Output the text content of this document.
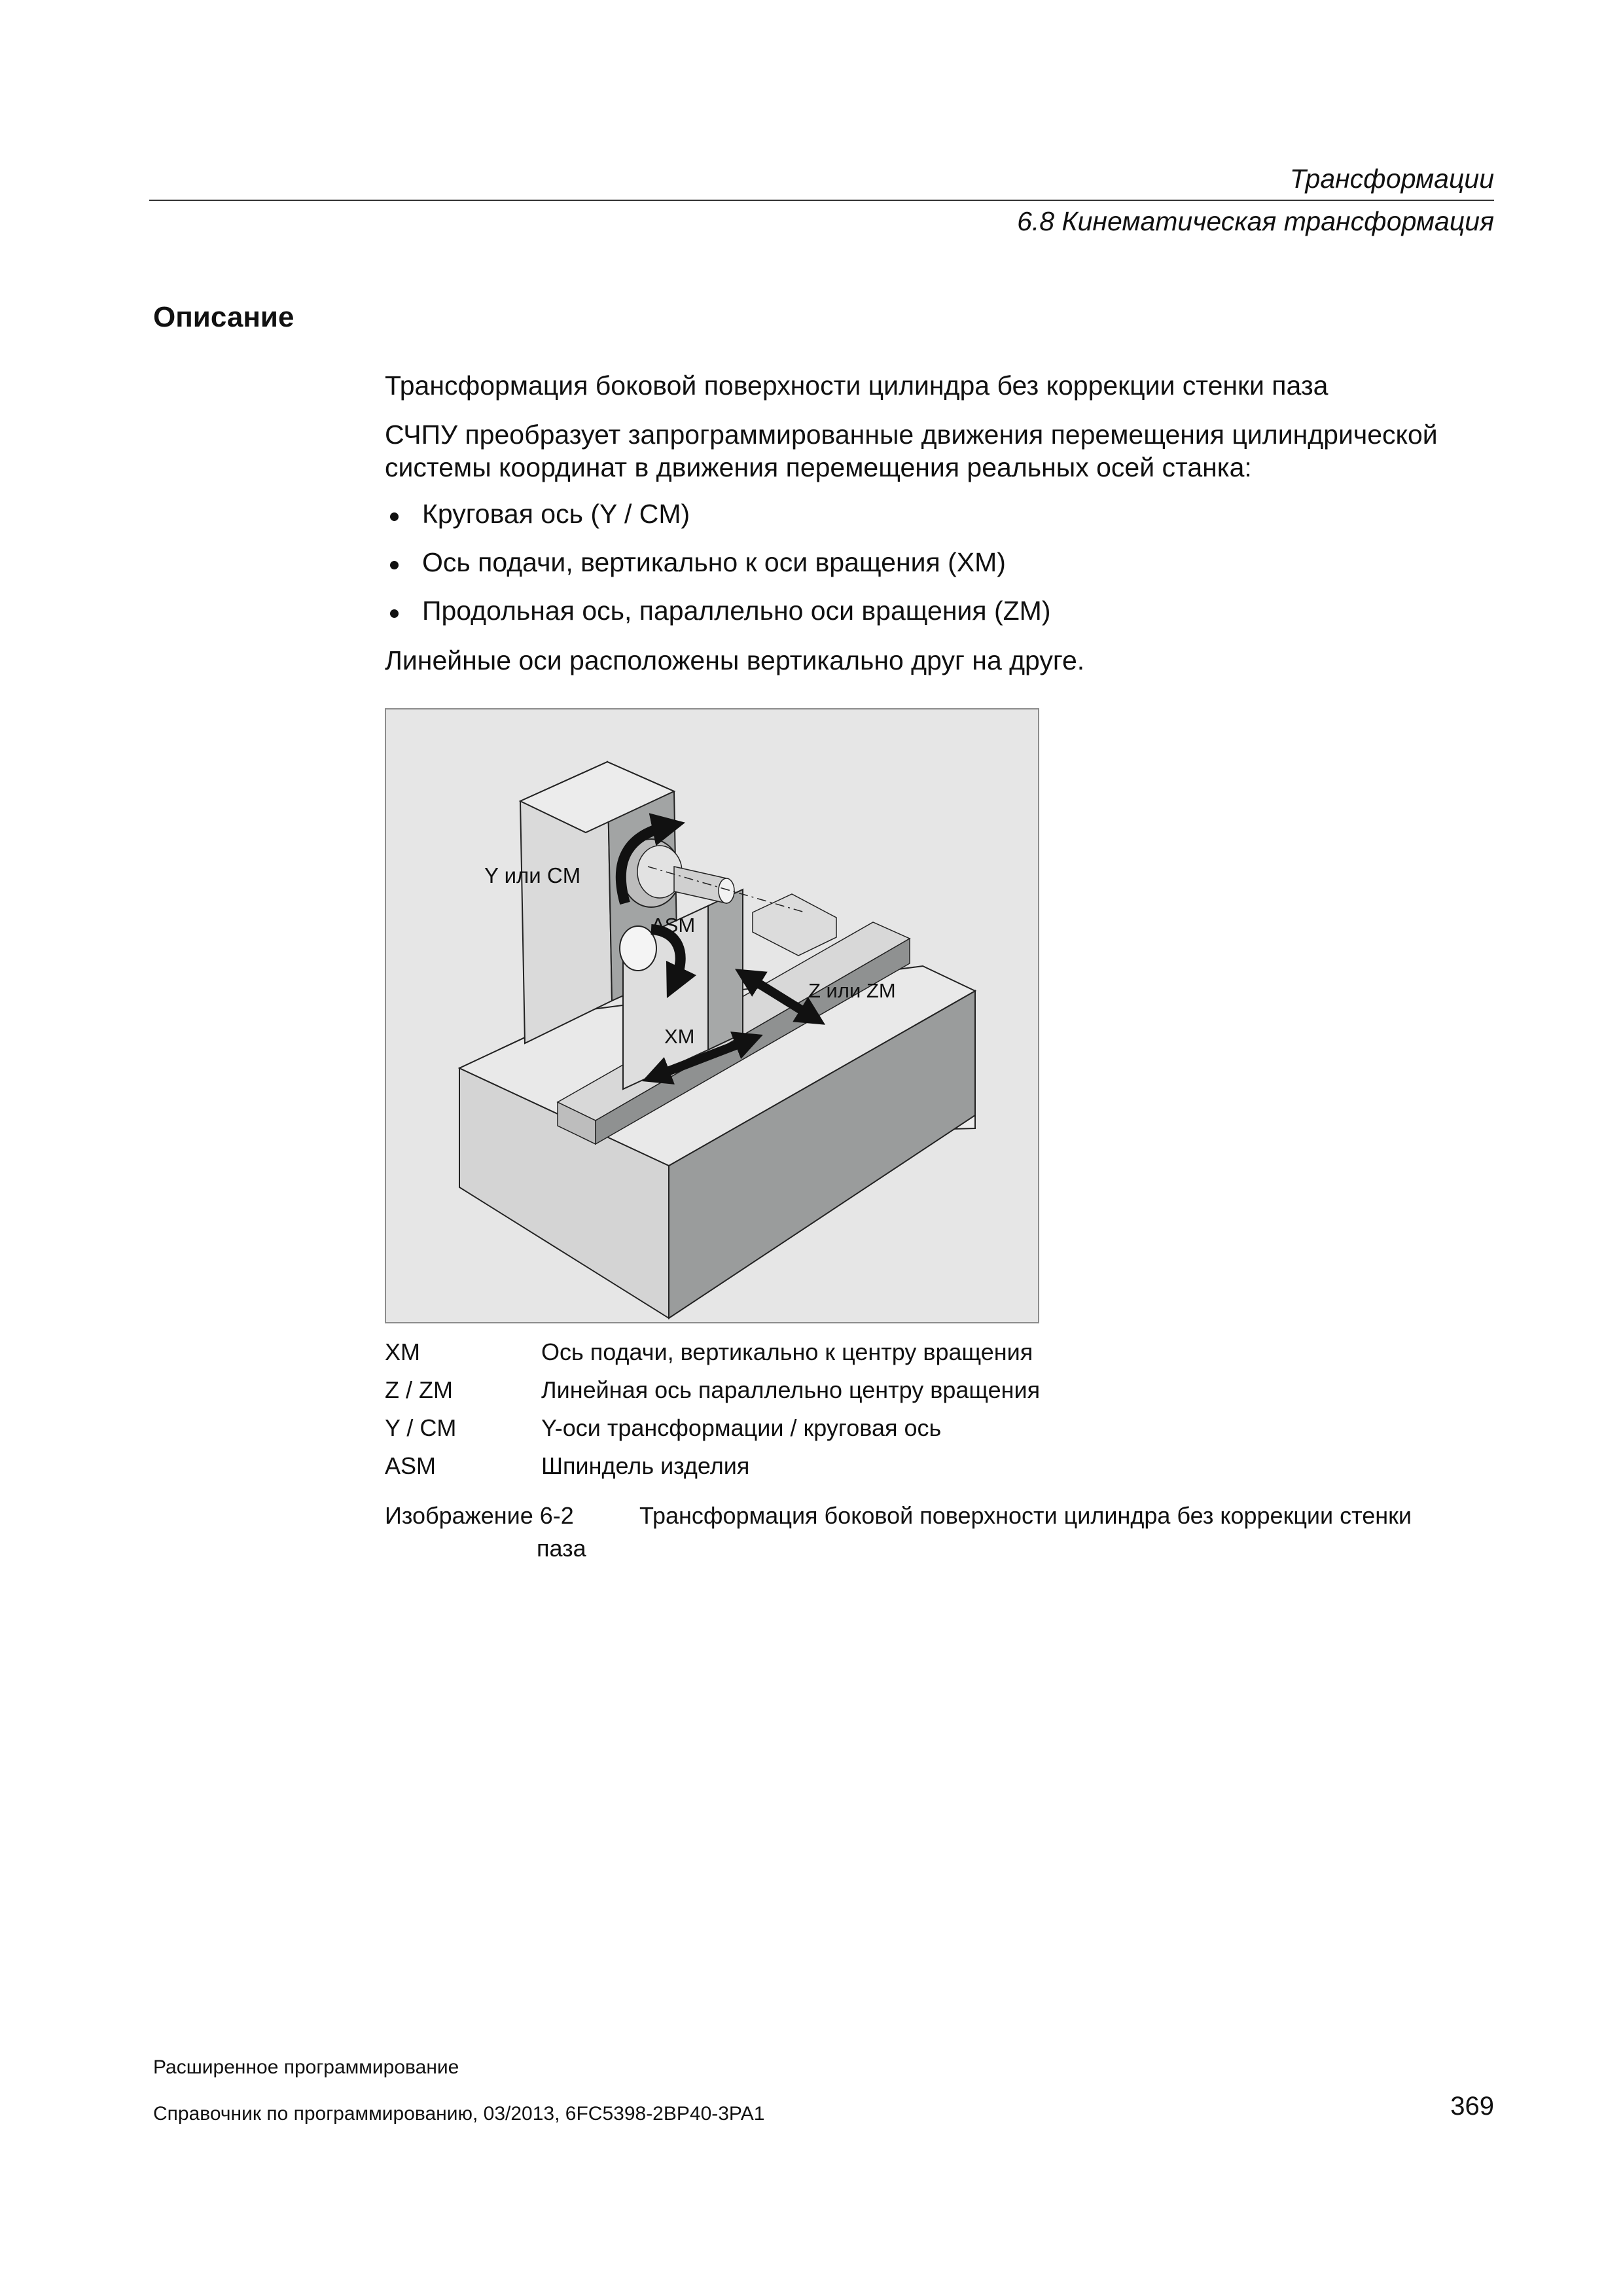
Трансформации
6.8 Кинематическая трансформация
Описание
Трансформация боковой поверхности цилиндра без коррекции стенки паза
СЧПУ преобразует запрограммированные движения перемещения цилиндрической
системы координат в движения перемещения реальных осей станка:
Круговая ось (Y / CM)
Ось подачи, вертикально к оси вращения (XM)
Продольная ось, параллельно оси вращения (ZM)
Линейные оси расположены вертикально друг на друге.
Y или CM
ASM
Z или ZM
XM
XM	Ось подачи, вертикально к центру вращения
Z / ZM	Линейная ось параллельно центру вращения
Y / CM	Y-оси трансформации / круговая ось
ASM	Шпиндель изделия
Изображение 6-2	Трансформация боковой поверхности цилиндра без коррекции стенки
паза
Расширенное программирование
Справочник по программированию, 03/2013, 6FC5398-2BP40-3PA1	369
